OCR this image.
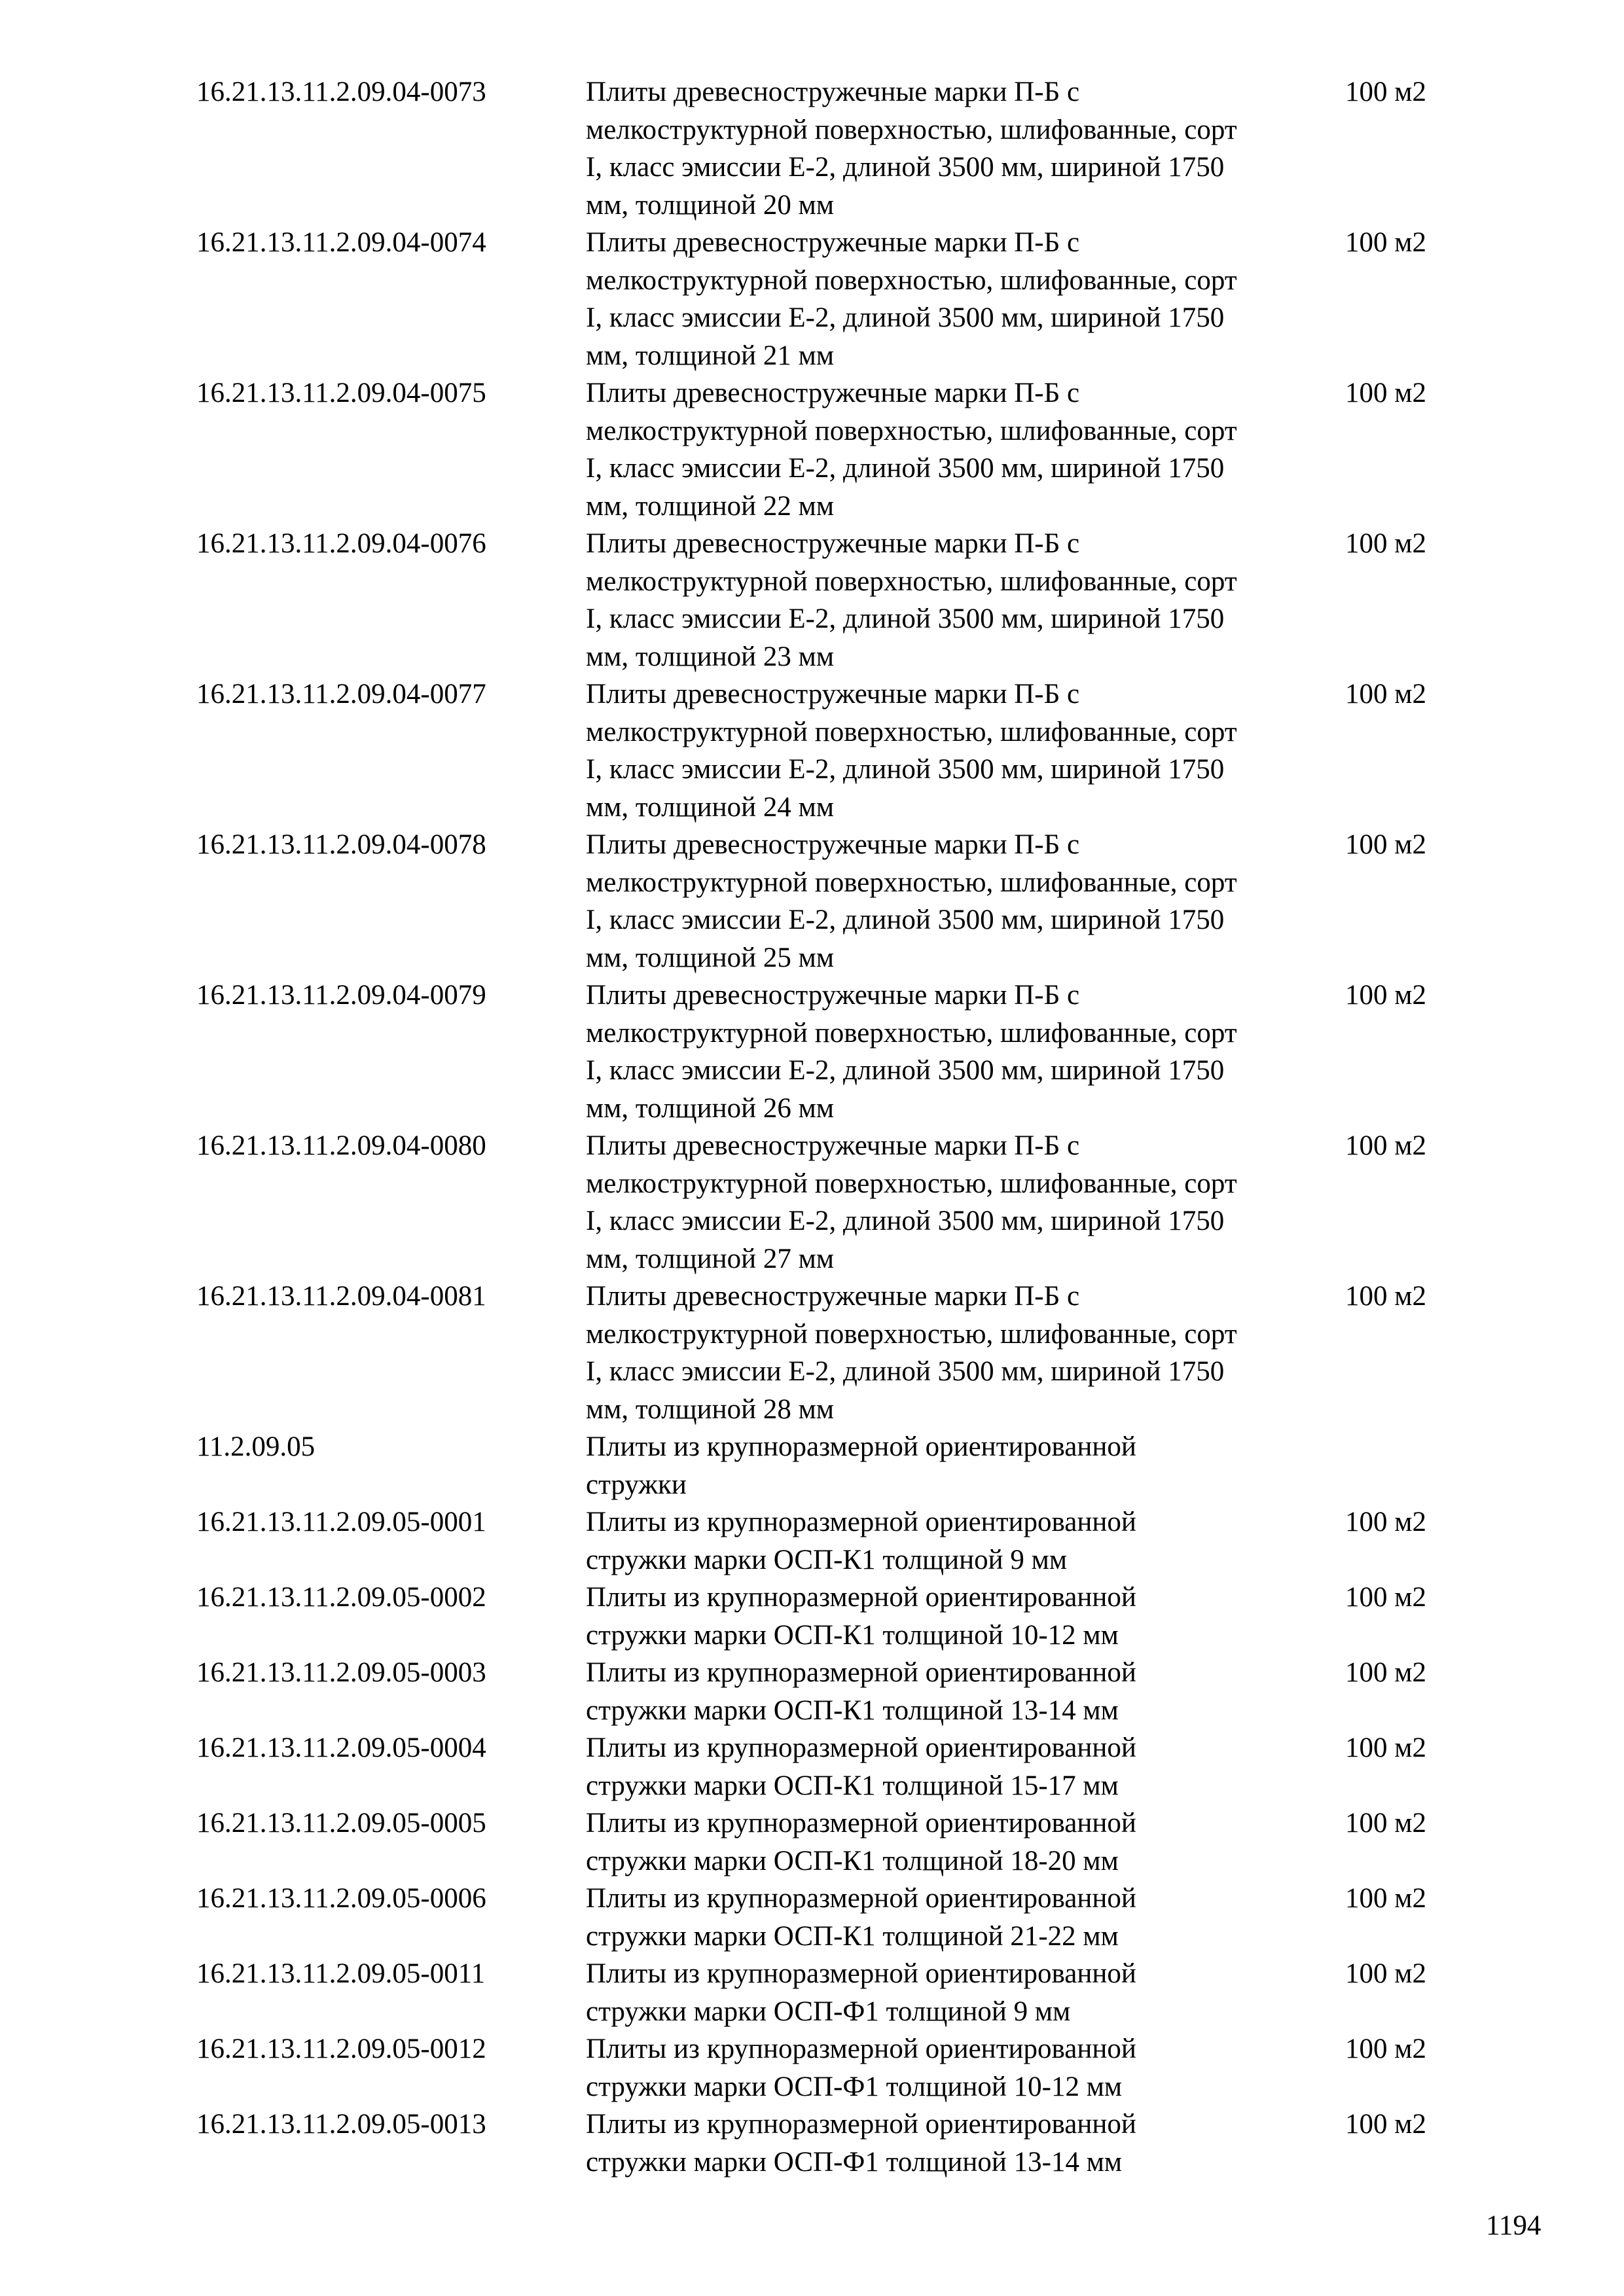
16.21.13.11.2.09.04-0073	Плиты древесностружечные марки П-Б с
мелкоструктурной поверхностью, шлифованные, сорт
I, класс эмиссии Е-2, длиной 3500 мм, шириной 1750
мм, толщиной 20 мм
100 м2
16.21.13.11.2.09.04-0074	Плиты древесностружечные марки П-Б с
мелкоструктурной поверхностью, шлифованные, сорт
I, класс эмиссии Е-2, длиной 3500 мм, шириной 1750
мм, толщиной 21 мм
100 м2
16.21.13.11.2.09.04-0075	Плиты древесностружечные марки П-Б с
мелкоструктурной поверхностью, шлифованные, сорт
I, класс эмиссии Е-2, длиной 3500 мм, шириной 1750
мм, толщиной 22 мм
100 м2
16.21.13.11.2.09.04-0076	Плиты древесностружечные марки П-Б с
мелкоструктурной поверхностью, шлифованные, сорт
I, класс эмиссии Е-2, длиной 3500 мм, шириной 1750
мм, толщиной 23 мм
100 м2
16.21.13.11.2.09.04-0077	Плиты древесностружечные марки П-Б с
мелкоструктурной поверхностью, шлифованные, сорт
I, класс эмиссии Е-2, длиной 3500 мм, шириной 1750
мм, толщиной 24 мм
100 м2
16.21.13.11.2.09.04-0078	Плиты древесностружечные марки П-Б с
мелкоструктурной поверхностью, шлифованные, сорт
I, класс эмиссии Е-2, длиной 3500 мм, шириной 1750
мм, толщиной 25 мм
100 м2
16.21.13.11.2.09.04-0079	Плиты древесностружечные марки П-Б с
мелкоструктурной поверхностью, шлифованные, сорт
I, класс эмиссии Е-2, длиной 3500 мм, шириной 1750
мм, толщиной 26 мм
100 м2
16.21.13.11.2.09.04-0080	Плиты древесностружечные марки П-Б с
мелкоструктурной поверхностью, шлифованные, сорт
I, класс эмиссии Е-2, длиной 3500 мм, шириной 1750
мм, толщиной 27 мм
100 м2
16.21.13.11.2.09.04-0081	Плиты древесностружечные марки П-Б с
мелкоструктурной поверхностью, шлифованные, сорт
I, класс эмиссии Е-2, длиной 3500 мм, шириной 1750
мм, толщиной 28 мм
100 м2
11.2.09.05	Плиты из крупноразмерной ориентированной
стружки
16.21.13.11.2.09.05-0001	Плиты из крупноразмерной ориентированной
стружки марки ОСП-К1 толщиной 9 мм
100 м2
16.21.13.11.2.09.05-0002	Плиты из крупноразмерной ориентированной
стружки марки ОСП-К1 толщиной 10-12 мм
100 м2
16.21.13.11.2.09.05-0003	Плиты из крупноразмерной ориентированной
стружки марки ОСП-К1 толщиной 13-14 мм
100 м2
16.21.13.11.2.09.05-0004	Плиты из крупноразмерной ориентированной
стружки марки ОСП-К1 толщиной 15-17 мм
100 м2
16.21.13.11.2.09.05-0005	Плиты из крупноразмерной ориентированной
стружки марки ОСП-К1 толщиной 18-20 мм
100 м2
16.21.13.11.2.09.05-0006	Плиты из крупноразмерной ориентированной
стружки марки ОСП-К1 толщиной 21-22 мм
100 м2
16.21.13.11.2.09.05-0011	Плиты из крупноразмерной ориентированной
стружки марки ОСП-Ф1 толщиной 9 мм
100 м2
16.21.13.11.2.09.05-0012	Плиты из крупноразмерной ориентированной
стружки марки ОСП-Ф1 толщиной 10-12 мм
100 м2
16.21.13.11.2.09.05-0013	Плиты из крупноразмерной ориентированной
стружки марки ОСП-Ф1 толщиной 13-14 мм
100 м2
1194
